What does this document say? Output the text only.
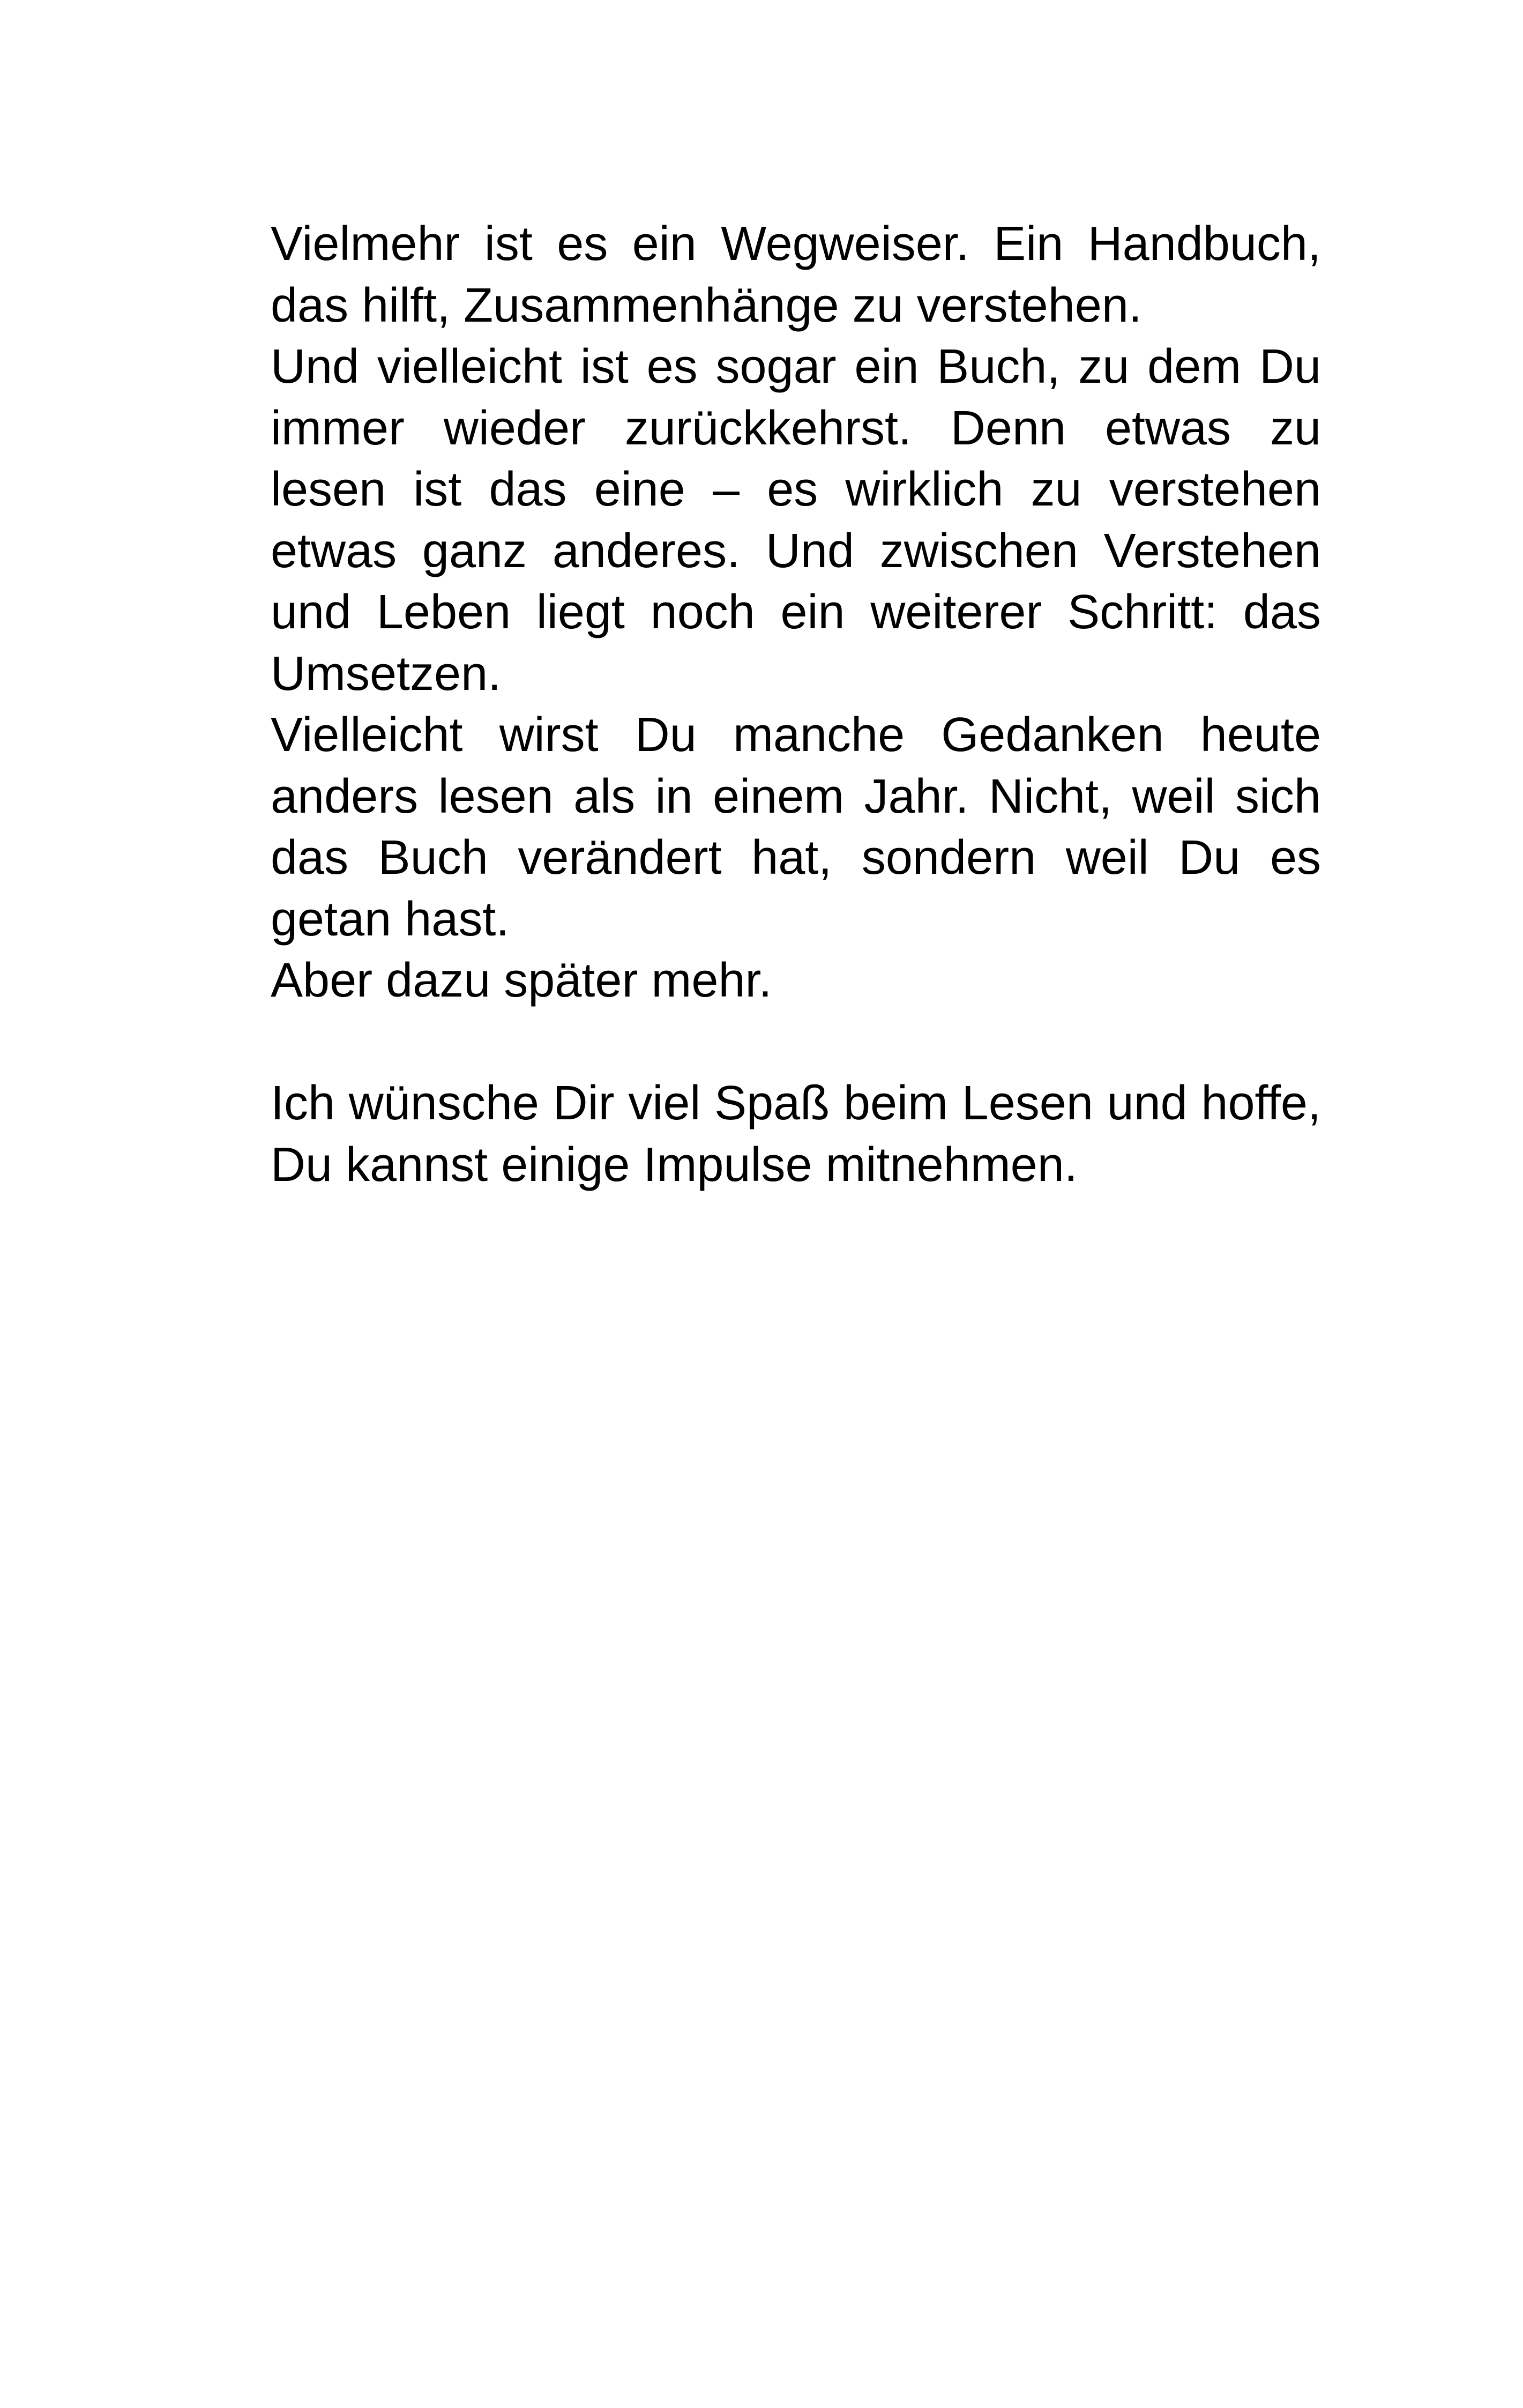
Vielmehr ist es ein Wegweiser. Ein Handbuch, das hilft, Zusammenhänge zu verstehen.

Und vielleicht ist es sogar ein Buch, zu dem Du immer wieder zurückkehrst. Denn etwas zu lesen ist das eine – es wirklich zu verstehen etwas ganz anderes. Und zwischen Verstehen und Leben liegt noch ein weiterer Schritt: das Umsetzen.

Vielleicht wirst Du manche Gedanken heute anders lesen als in einem Jahr. Nicht, weil sich das Buch verändert hat, sondern weil Du es getan hast.

Aber dazu später mehr.

Ich wünsche Dir viel Spaß beim Lesen und hoffe, Du kannst einige Impulse mitnehmen.
